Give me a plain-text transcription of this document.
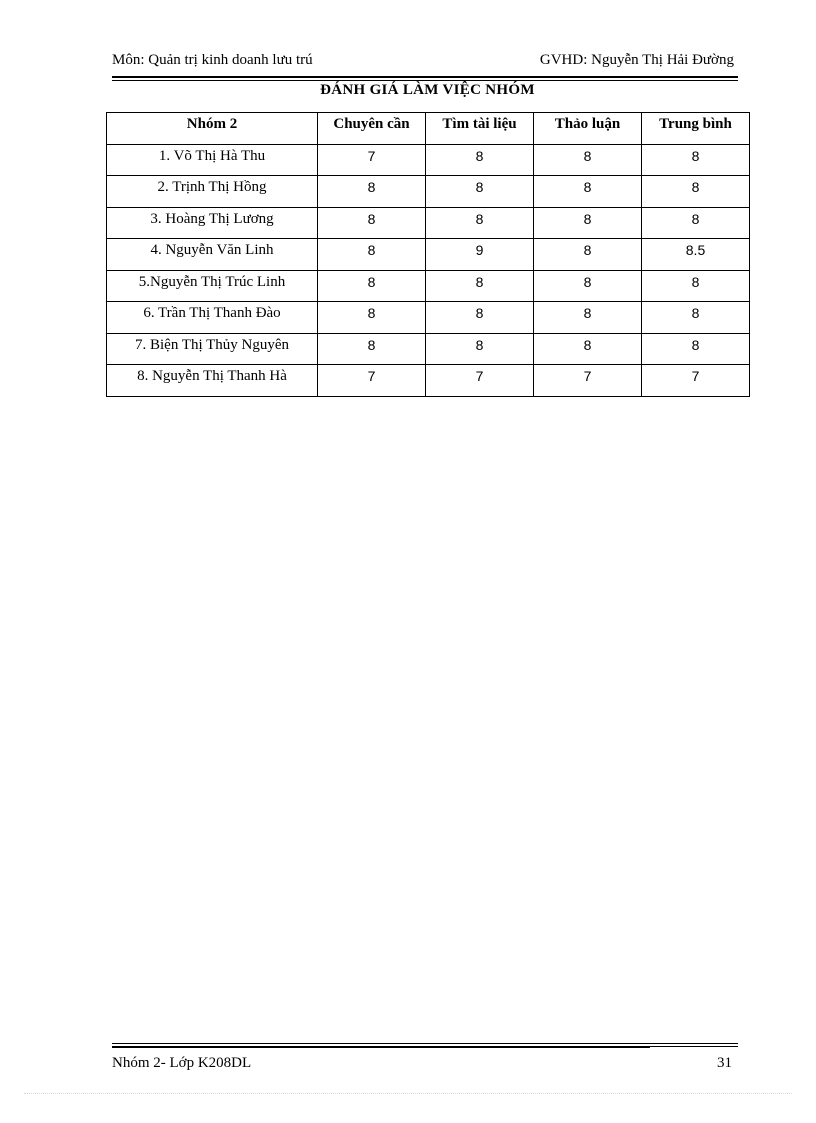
Môn: Quản trị kinh doanh lưu trú	GVHD: Nguyễn Thị Hải Đường
ĐÁNH GIÁ LÀM VIỆC NHÓM
Nhóm 2	Chuyên cần	Tìm tài liệu	Thảo luận	Trung bình
1. Võ Thị Hà Thu	7	8	8	8
2. Trịnh Thị Hồng	8	8	8	8
3. Hoàng Thị Lương	8	8	8	8
4. Nguyễn Văn Linh	8	9	8	8.5
5.Nguyễn Thị Trúc Linh	8	8	8	8
6. Trần Thị Thanh Đào	8	8	8	8
7. Biện Thị Thủy Nguyên	8	8	8	8
8. Nguyễn Thị Thanh Hà	7	7	7	7
Nhóm 2- Lớp K208DL	31
